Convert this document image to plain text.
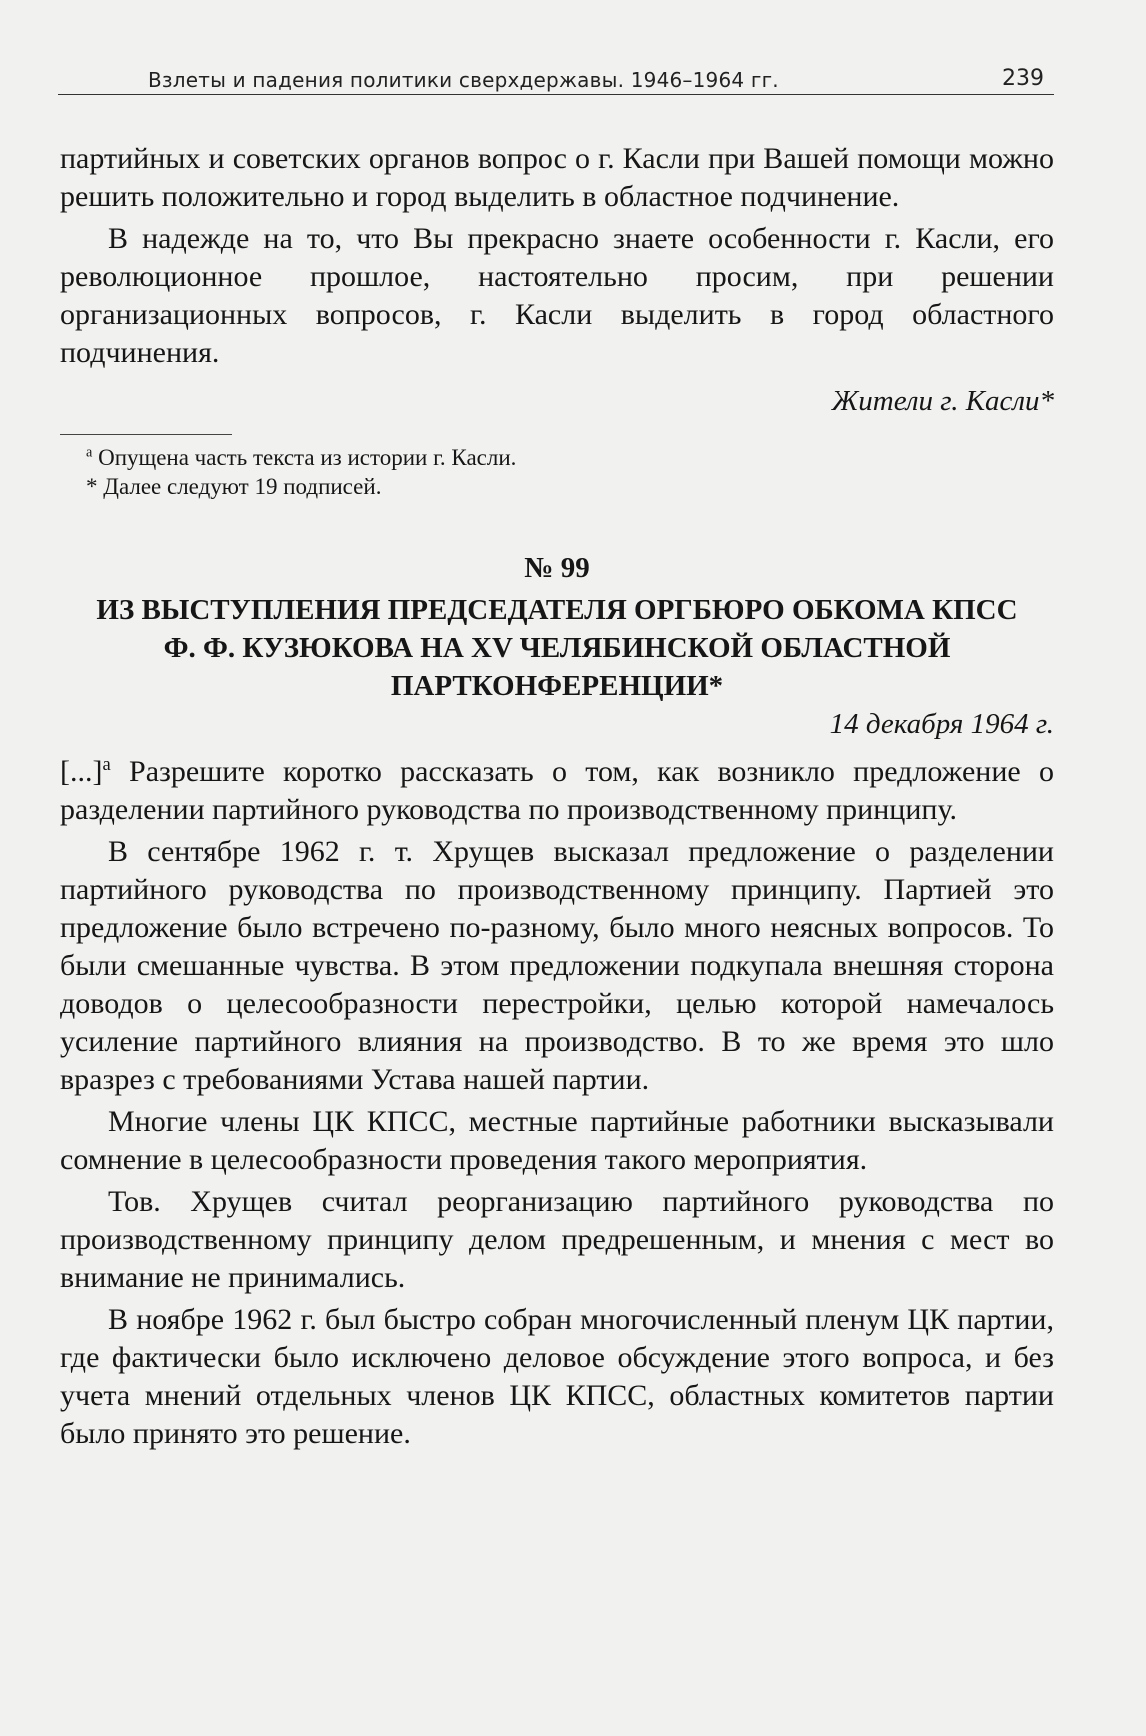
Взлеты и падения политики сверхдержавы. 1946–1964 гг.	239

партийных и советских органов вопрос о г. Касли при Вашей помощи можно решить положительно и город выделить в областное подчинение.

В надежде на то, что Вы прекрасно знаете особенности г. Касли, его революционное прошлое, настоятельно просим, при решении организационных вопросов, г. Касли выделить в город областного подчинения.

Жители г. Касли*
$^а$ Опущена часть текста из истории г. Касли.
* Далее следуют 19 подписей.
№ 99
ИЗ ВЫСТУПЛЕНИЯ ПРЕДСЕДАТЕЛЯ ОРГБЮРО ОБКОМА КПСС
Ф. Ф. КУЗЮКОВА НА XV ЧЕЛЯБИНСКОЙ ОБЛАСТНОЙ
ПАРТКОНФЕРЕНЦИИ*
14 декабря 1964 г.

[...]$^а$ Разрешите коротко рассказать о том, как возникло предложение о разделении партийного руководства по производственному принципу.

В сентябре 1962 г. т. Хрущев высказал предложение о разделении партийного руководства по производственному принципу. Партией это предложение было встречено по-разному, было много неясных вопросов. То были смешанные чувства. В этом предложении подкупала внешняя сторона доводов о целесообразности перестройки, целью которой намечалось усиление партийного влияния на производство. В то же время это шло вразрез с требованиями Устава нашей партии.

Многие члены ЦК КПСС, местные партийные работники высказывали сомнение в целесообразности проведения такого мероприятия.

Тов. Хрущев считал реорганизацию партийного руководства по производственному принципу делом предрешенным, и мнения с мест во внимание не принимались.

В ноябре 1962 г. был быстро собран многочисленный пленум ЦК партии, где фактически было исключено деловое обсуждение этого вопроса, и без учета мнений отдельных членов ЦК КПСС, областных комитетов партии было принято это решение.
